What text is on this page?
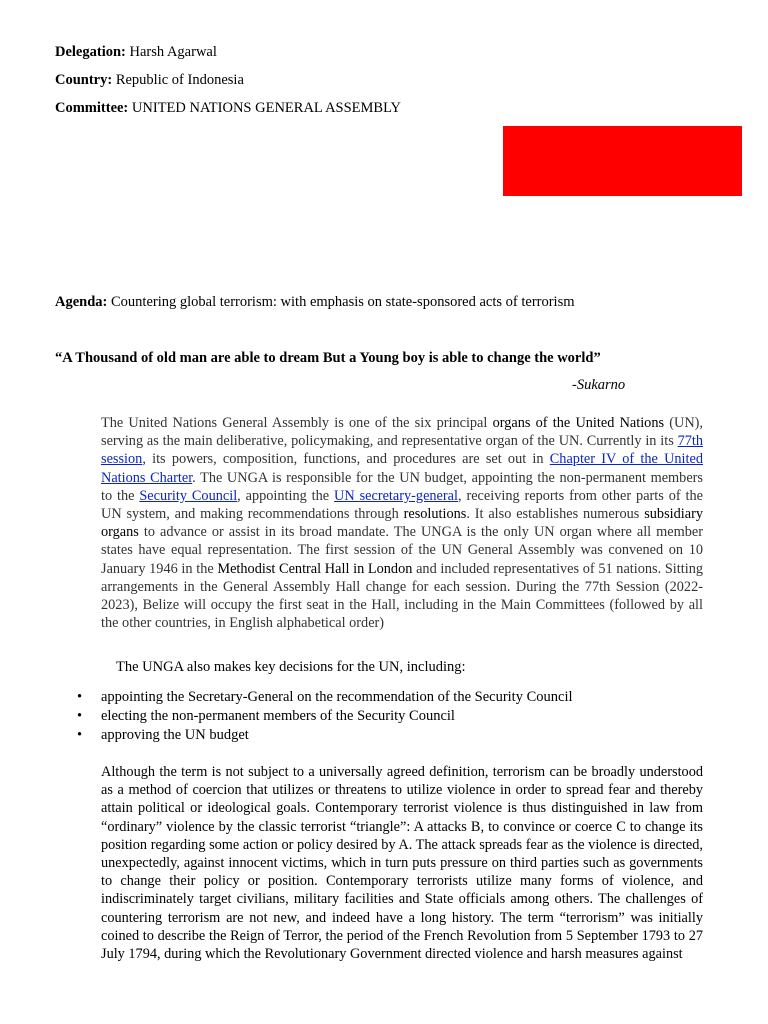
Delegation: Harsh Agarwal
Country: Republic of Indonesia
Committee: UNITED NATIONS GENERAL ASSEMBLY
Agenda: Countering global terrorism: with emphasis on state-sponsored acts of terrorism
“A Thousand of old man are able to dream But a Young boy is able to change the world”
-Sukarno
The United Nations General Assembly is one of the six principal organs of the United Nations (UN), serving as the main deliberative, policymaking, and representative organ of the UN. Currently in its 77th session, its powers, composition, functions, and procedures are set out in Chapter IV of the United Nations Charter. The UNGA is responsible for the UN budget, appointing the non-permanent members to the Security Council, appointing the UN secretary-general, receiving reports from other parts of the UN system, and making recommendations through resolutions. It also establishes numerous subsidiary organs to advance or assist in its broad mandate. The UNGA is the only UN organ where all member states have equal representation. The first session of the UN General Assembly was convened on 10 January 1946 in the Methodist Central Hall in London and included representatives of 51 nations. Sitting arrangements in the General Assembly Hall change for each session. During the 77th Session (2022-2023), Belize will occupy the first seat in the Hall, including in the Main Committees (followed by all the other countries, in English alphabetical order)
The UNGA also makes key decisions for the UN, including:
• appointing the Secretary-General on the recommendation of the Security Council
• electing the non-permanent members of the Security Council
• approving the UN budget
Although the term is not subject to a universally agreed definition, terrorism can be broadly understood as a method of coercion that utilizes or threatens to utilize violence in order to spread fear and thereby attain political or ideological goals. Contemporary terrorist violence is thus distinguished in law from “ordinary” violence by the classic terrorist “triangle”: A attacks B, to convince or coerce C to change its position regarding some action or policy desired by A. The attack spreads fear as the violence is directed, unexpectedly, against innocent victims, which in turn puts pressure on third parties such as governments to change their policy or position. Contemporary terrorists utilize many forms of violence, and indiscriminately target civilians, military facilities and State officials among others. The challenges of countering terrorism are not new, and indeed have a long history. The term “terrorism” was initially coined to describe the Reign of Terror, the period of the French Revolution from 5 September 1793 to 27 July 1794, during which the Revolutionary Government directed violence and harsh measures against
